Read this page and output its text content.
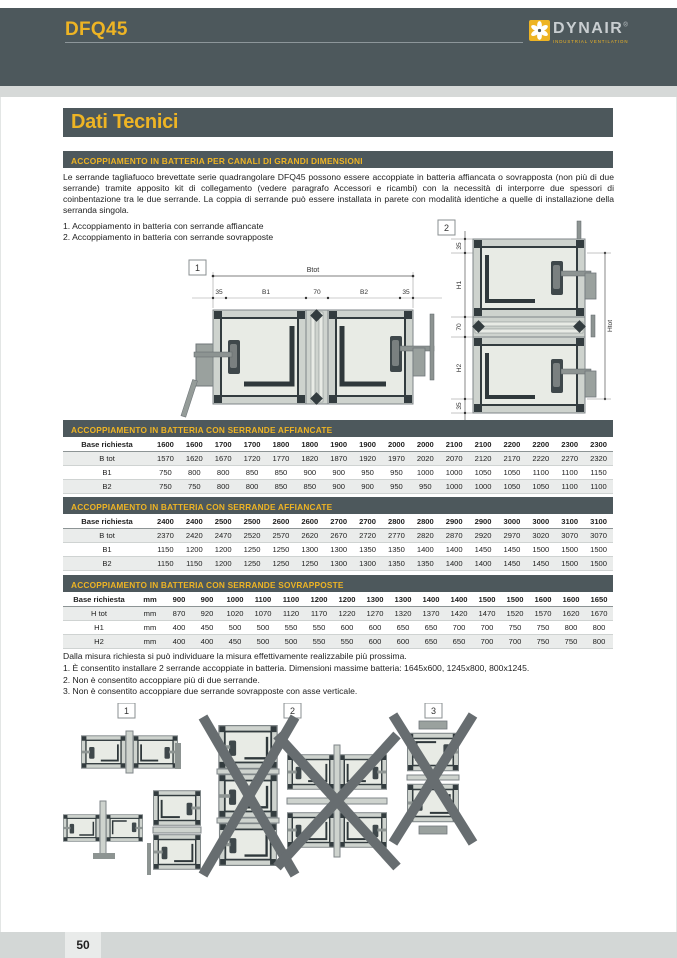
DFQ45	DYNAIR®
INDUSTRIAL VENTILATION
Dati Tecnici
ACCOPPIAMENTO IN BATTERIA PER CANALI DI GRANDI DIMENSIONI
Le serrande tagliafuoco brevettate serie quadrangolare DFQ45 possono essere accoppiate in batteria affiancata o sovrapposta (non più di due serrande) tramite apposito kit di collegamento (vedere paragrafo Accessori e ricambi) con la necessità di interporre due spessori di coinbentazione tra le due serrande. La coppia di serrande può essere installata in parete con modalità identiche a quelle di installazione della serranda singola.
1. Accoppiamento in batteria con serrande affiancate
2. Accoppiamento in batteria con serrande sovrapposte
1	Btot
35	B1	70	B2	35
2
35
H1
70
H2
35
Htot
ACCOPPIAMENTO IN BATTERIA CON SERRANDE AFFIANCATE
Base richiesta	1600	1600	1700	1700	1800	1800	1900	1900	2000	2000	2100	2100	2200	2200	2300	2300
B tot	1570	1620	1670	1720	1770	1820	1870	1920	1970	2020	2070	2120	2170	2220	2270	2320
B1	750	800	800	850	850	900	900	950	950	1000	1000	1050	1050	1100	1100	1150
B2	750	750	800	800	850	850	900	900	950	950	1000	1000	1050	1050	1100	1100
ACCOPPIAMENTO IN BATTERIA CON SERRANDE AFFIANCATE
Base richiesta	2400	2400	2500	2500	2600	2600	2700	2700	2800	2800	2900	2900	3000	3000	3100	3100
B tot	2370	2420	2470	2520	2570	2620	2670	2720	2770	2820	2870	2920	2970	3020	3070	3070
B1	1150	1200	1200	1250	1250	1300	1300	1350	1350	1400	1400	1450	1450	1500	1500	1500
B2	1150	1150	1200	1250	1250	1250	1300	1300	1350	1350	1400	1400	1450	1450	1500	1500
ACCOPPIAMENTO IN BATTERIA CON SERRANDE SOVRAPPOSTE
Base richiesta	mm	900	900	1000	1100	1100	1200	1200	1300	1300	1400	1400	1500	1500	1600	1600	1650
H tot	mm	870	920	1020	1070	1120	1170	1220	1270	1320	1370	1420	1470	1520	1570	1620	1670
H1	mm	400	450	500	500	550	550	600	600	650	650	700	700	750	750	800	800
H2	mm	400	400	450	500	500	550	550	600	600	650	650	700	700	750	750	800
Dalla misura richiesta si può individuare la misura effettivamente realizzabile più prossima.
1. È consentito installare 2 serrande accoppiate in batteria. Dimensioni massime batteria: 1645x600, 1245x800, 800x1245.
2. Non è consentito accoppiare più di due serrande.
3. Non è consentito accoppiare due serrande sovrapposte con asse verticale.
1	2	3
50
